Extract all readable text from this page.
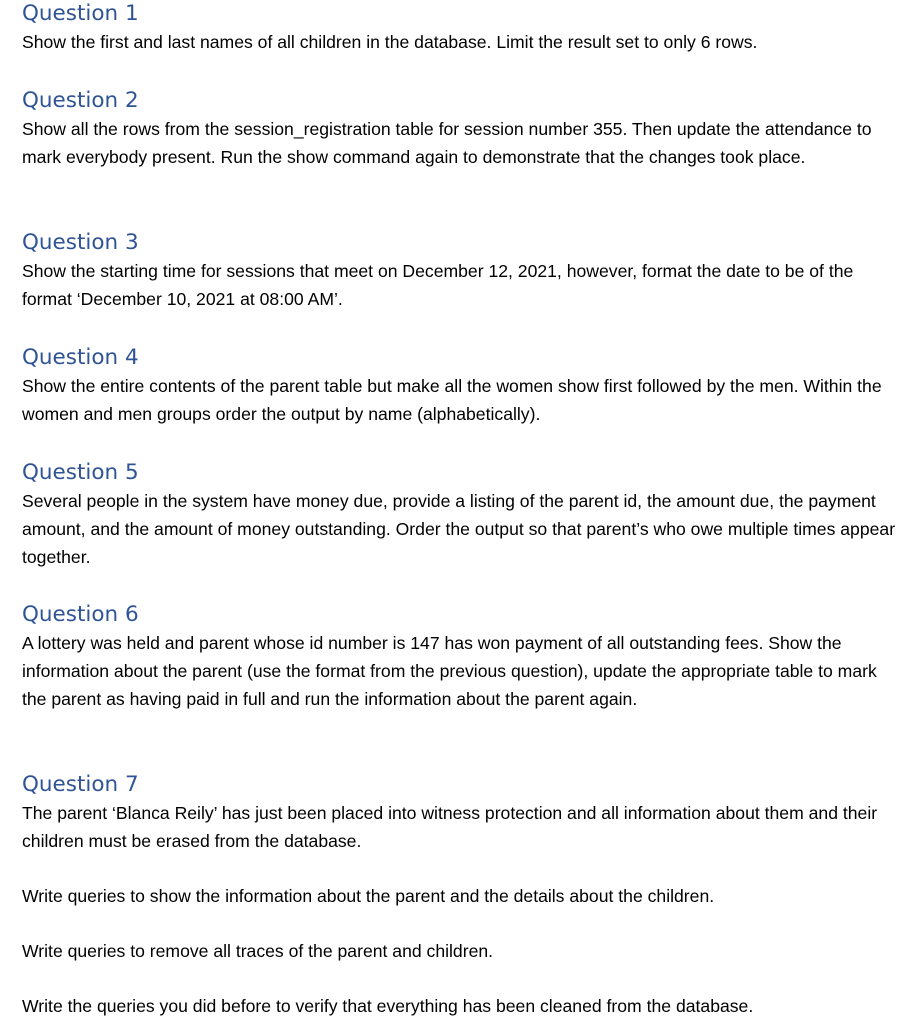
Question 1

Show the first and last names of all children in the database. Limit the result set to only 6 rows.

Question 2

Show all the rows from the session_registration table for session number 355. Then update the attendance to mark everybody present. Run the show command again to demonstrate that the changes took place.

Question 3

Show the starting time for sessions that meet on December 12, 2021, however, format the date to be of the format ‘December 10, 2021 at 08:00 AM’.

Question 4

Show the entire contents of the parent table but make all the women show first followed by the men. Within the women and men groups order the output by name (alphabetically).

Question 5

Several people in the system have money due, provide a listing of the parent id, the amount due, the payment amount, and the amount of money outstanding. Order the output so that parent’s who owe multiple times appear together.

Question 6

A lottery was held and parent whose id number is 147 has won payment of all outstanding fees. Show the information about the parent (use the format from the previous question), update the appropriate table to mark the parent as having paid in full and run the information about the parent again.

Question 7

The parent ‘Blanca Reily’ has just been placed into witness protection and all information about them and their children must be erased from the database.

Write queries to show the information about the parent and the details about the children.

Write queries to remove all traces of the parent and children.

Write the queries you did before to verify that everything has been cleaned from the database.
